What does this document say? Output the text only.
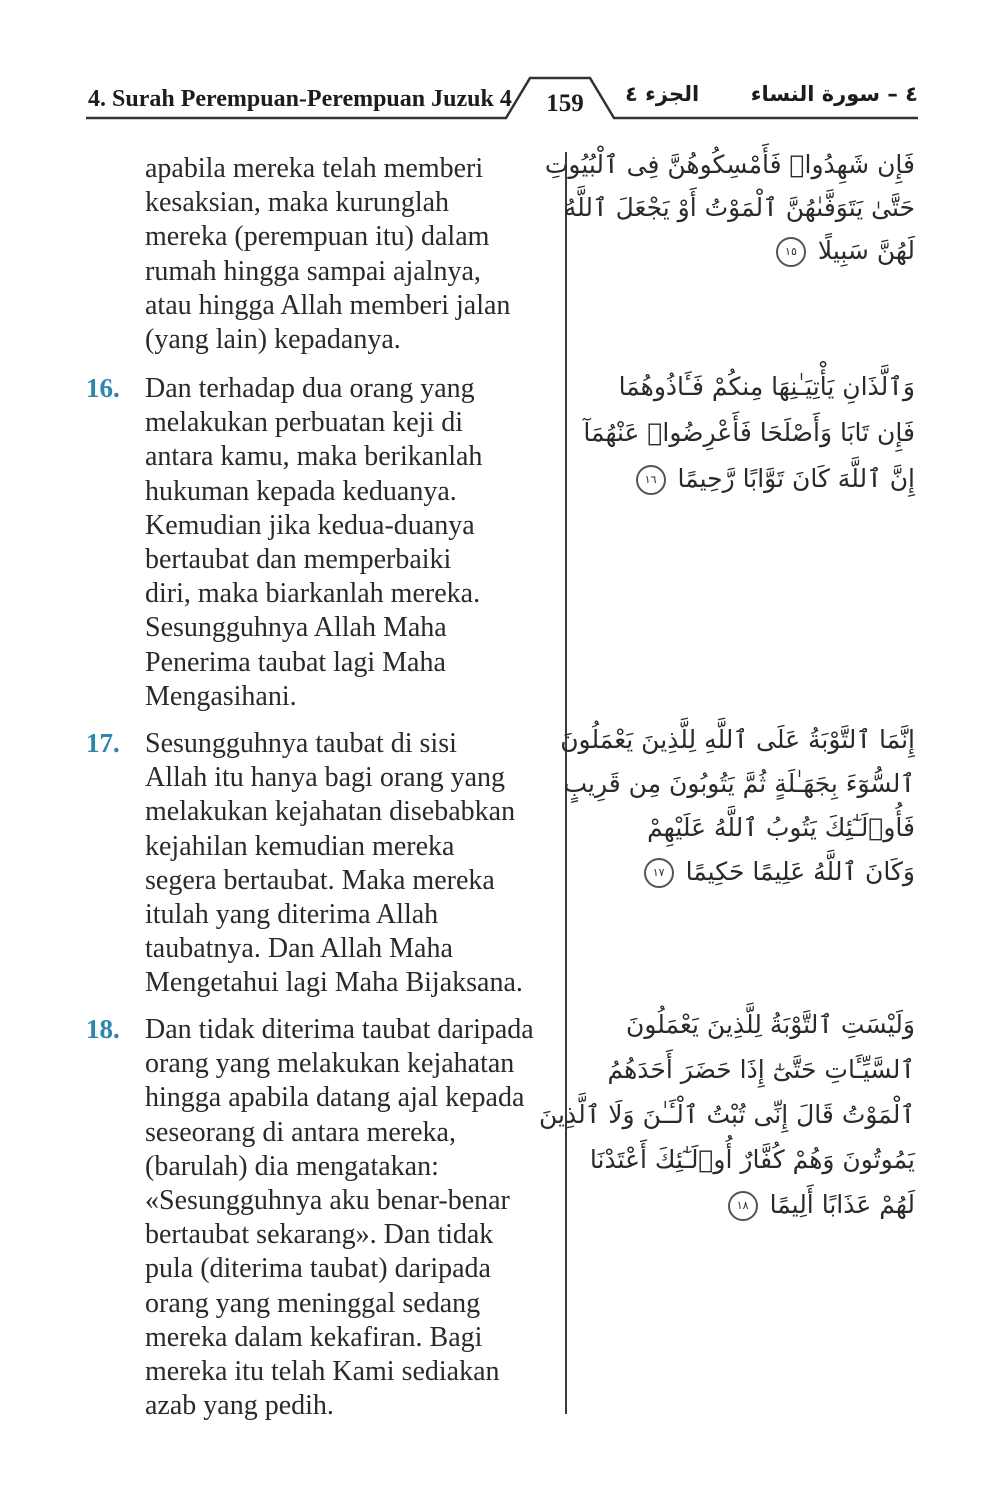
4. Surah Perempuan-Perempuan Juzuk 4	159	الجزء ٤ ٤ – سورة النساء
apabila mereka telah memberi
kesaksian, maka kurunglah
mereka (perempuan itu) dalam
rumah hingga sampai ajalnya,
atau hingga Allah memberi jalan
(yang lain) kepadanya.
فَإِن شَهِدُوا۟ فَأَمْسِكُوهُنَّ فِى ٱلْبُيُوتِ
حَتَّىٰ يَتَوَفَّىٰهُنَّ ٱلْمَوْتُ أَوْ يَجْعَلَ ٱللَّهُ
لَهُنَّ سَبِيلًا ١٥
16. Dan terhadap dua orang yang
melakukan perbuatan keji di
antara kamu, maka berikanlah
hukuman kepada keduanya.
Kemudian jika kedua-duanya
bertaubat dan memperbaiki
diri, maka biarkanlah mereka.
Sesungguhnya Allah Maha
Penerima taubat lagi Maha
Mengasihani.
وَٱلَّذَانِ يَأْتِيَـٰنِهَا مِنكُمْ فَـَٔاذُوهُمَا
فَإِن تَابَا وَأَصْلَحَا فَأَعْرِضُوا۟ عَنْهُمَآ
إِنَّ ٱللَّهَ كَانَ تَوَّابًا رَّحِيمًا ١٦
17. Sesungguhnya taubat di sisi
Allah itu hanya bagi orang yang
melakukan kejahatan disebabkan
kejahilan kemudian mereka
segera bertaubat. Maka mereka
itulah yang diterima Allah
taubatnya. Dan Allah Maha
Mengetahui lagi Maha Bijaksana.
إِنَّمَا ٱلتَّوْبَةُ عَلَى ٱللَّهِ لِلَّذِينَ يَعْمَلُونَ
ٱلسُّوٓءَ بِجَهَـٰلَةٍ ثُمَّ يَتُوبُونَ مِن قَرِيبٍ
فَأُو۟لَـٰٓئِكَ يَتُوبُ ٱللَّهُ عَلَيْهِمْ
وَكَانَ ٱللَّهُ عَلِيمًا حَكِيمًا ١٧
18. Dan tidak diterima taubat daripada
orang yang melakukan kejahatan
hingga apabila datang ajal kepada
seseorang di antara mereka,
(barulah) dia mengatakan:
«Sesungguhnya aku benar-benar
bertaubat sekarang». Dan tidak
pula (diterima taubat) daripada
orang yang meninggal sedang
mereka dalam kekafiran. Bagi
mereka itu telah Kami sediakan
azab yang pedih.
وَلَيْسَتِ ٱلتَّوْبَةُ لِلَّذِينَ يَعْمَلُونَ
ٱلسَّيِّـَٔاتِ حَتَّىٰٓ إِذَا حَضَرَ أَحَدَهُمُ
ٱلْمَوْتُ قَالَ إِنِّى تُبْتُ ٱلْـَٔـٰنَ وَلَا ٱلَّذِينَ
يَمُوتُونَ وَهُمْ كُفَّارٌ أُو۟لَـٰٓئِكَ أَعْتَدْنَا
لَهُمْ عَذَابًا أَلِيمًا ١٨
